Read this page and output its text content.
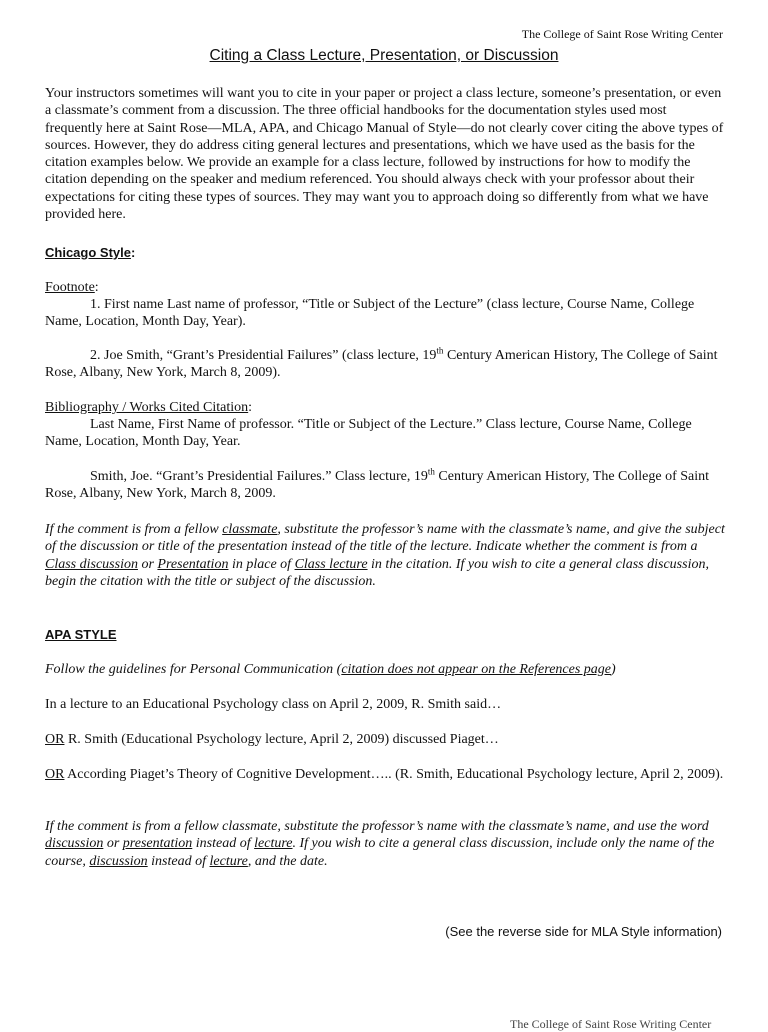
The College of Saint Rose Writing Center
Citing a Class Lecture, Presentation, or Discussion

Your instructors sometimes will want you to cite in your paper or project a class lecture, someone’s presentation, or even a classmate’s comment from a discussion. The three official handbooks for the documentation styles used most frequently here at Saint Rose—MLA, APA, and Chicago Manual of Style—do not clearly cover citing the above types of sources. However, they do address citing general lectures and presentations, which we have used as the basis for the citation examples below. We provide an example for a class lecture, followed by instructions for how to modify the citation depending on the speaker and medium referenced. You should always check with your professor about their expectations for citing these types of sources. They may want you to approach doing so differently from what we have provided here.

Chicago Style:
Footnote:

1. First name Last name of professor, “Title or Subject of the Lecture” (class lecture, Course Name, College Name, Location, Month Day, Year).

2. Joe Smith, “Grant’s Presidential Failures” (class lecture, 19th Century American History, The College of Saint Rose, Albany, New York, March 8, 2009).

Bibliography / Works Cited Citation:

Last Name, First Name of professor. “Title or Subject of the Lecture.” Class lecture, Course Name, College Name, Location, Month Day, Year.

Smith, Joe. “Grant’s Presidential Failures.” Class lecture, 19th Century American History, The College of Saint Rose, Albany, New York, March 8, 2009.

If the comment is from a fellow classmate, substitute the professor’s name with the classmate’s name, and give the subject of the discussion or title of the presentation instead of the title of the lecture. Indicate whether the comment is from a Class discussion or Presentation in place of Class lecture in the citation. If you wish to cite a general class discussion, begin the citation with the title or subject of the discussion.

APA STYLE

Follow the guidelines for Personal Communication (citation does not appear on the References page)

In a lecture to an Educational Psychology class on April 2, 2009, R. Smith said…

OR R. Smith (Educational Psychology lecture, April 2, 2009) discussed Piaget…

OR According Piaget’s Theory of Cognitive Development….. (R. Smith, Educational Psychology lecture, April 2, 2009).

If the comment is from a fellow classmate, substitute the professor’s name with the classmate’s name, and use the word discussion or presentation instead of lecture. If you wish to cite a general class discussion, include only the name of the course, discussion instead of lecture, and the date.

(See the reverse side for MLA Style information)
The College of Saint Rose Writing Center
